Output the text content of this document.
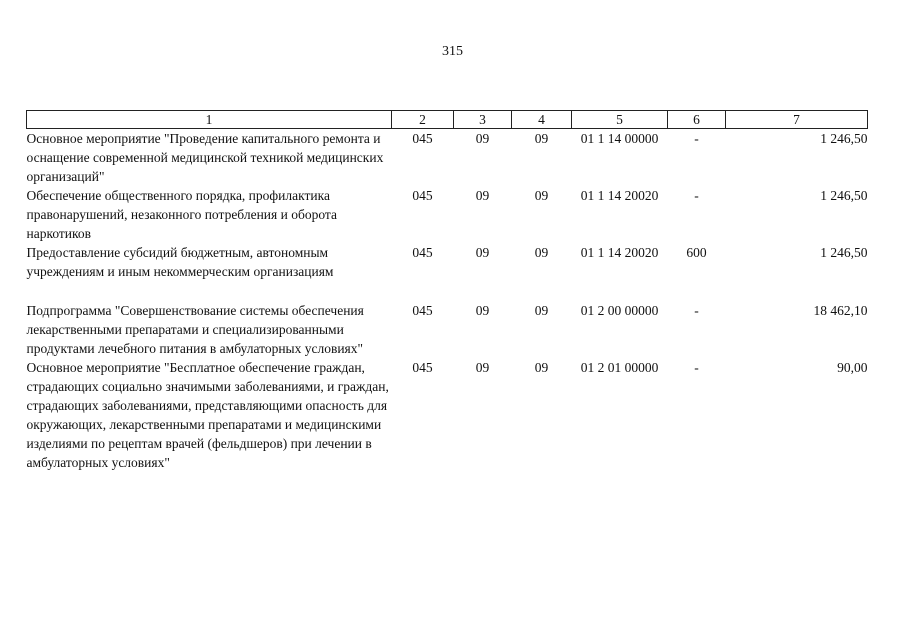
315
1	2	3	4	5	6	7
Основное мероприятие "Проведение капитального ремонта и оснащение современной медицинской техникой медицинских организаций"	045	09	09	01 1 14 00000	-	1 246,50
Обеспечение общественного порядка, профилактика правонарушений, незаконного потребления и оборота наркотиков	045	09	09	01 1 14 20020	-	1 246,50
Предоставление субсидий бюджетным, автономным учреждениям и иным некоммерческим организациям	045	09	09	01 1 14 20020	600	1 246,50

Подпрограмма "Совершенствование системы обеспечения лекарственными препаратами и специализированными продуктами лечебного питания в амбулаторных условиях"	045	09	09	01 2 00 00000	-	18 462,10
Основное мероприятие "Бесплатное обеспечение граждан, страдающих социально значимыми заболеваниями, и граждан, страдающих заболеваниями, представляющими опасность для окружающих, лекарственными препаратами и медицинскими изделиями по рецептам врачей (фельдшеров) при лечении в амбулаторных условиях"	045	09	09	01 2 01 00000	-	90,00
